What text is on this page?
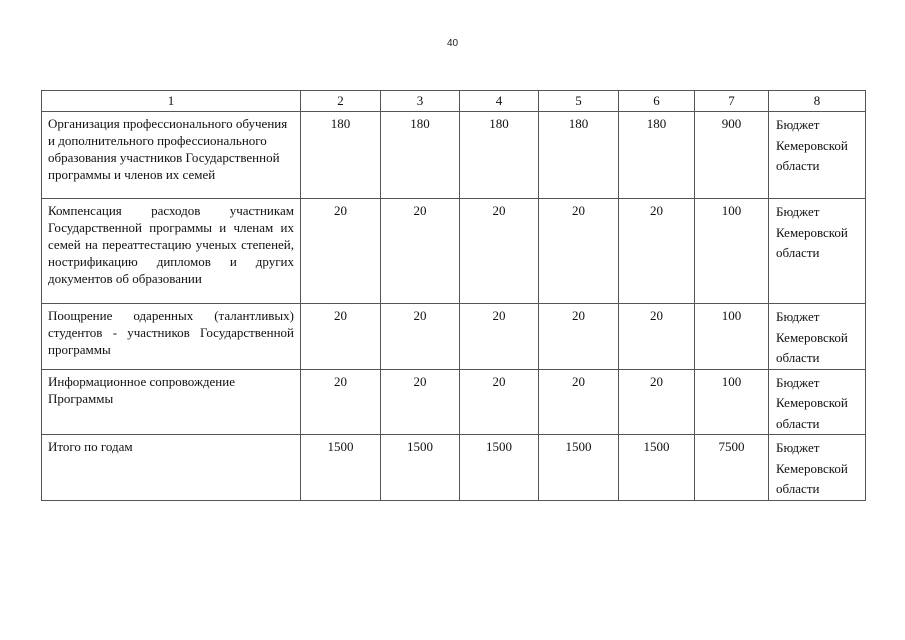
40
1	2	3	4	5	6	7	8
Организация профессионального обучения и дополнительного профессионального образования участников Государственной программы и членов их семей	180	180	180	180	180	900	Бюджет Кемеровской области
Компенсация расходов участникам Государственной программы и членам их семей на переаттестацию ученых степеней, нострификацию дипломов и других документов об образовании	20	20	20	20	20	100	Бюджет Кемеровской области
Поощрение одаренных (талантливых) студентов - участников Государственной программы	20	20	20	20	20	100	Бюджет Кемеровской области
Информационное сопровождение Программы	20	20	20	20	20	100	Бюджет Кемеровской области
Итого по годам	1500	1500	1500	1500	1500	7500	Бюджет Кемеровской области
